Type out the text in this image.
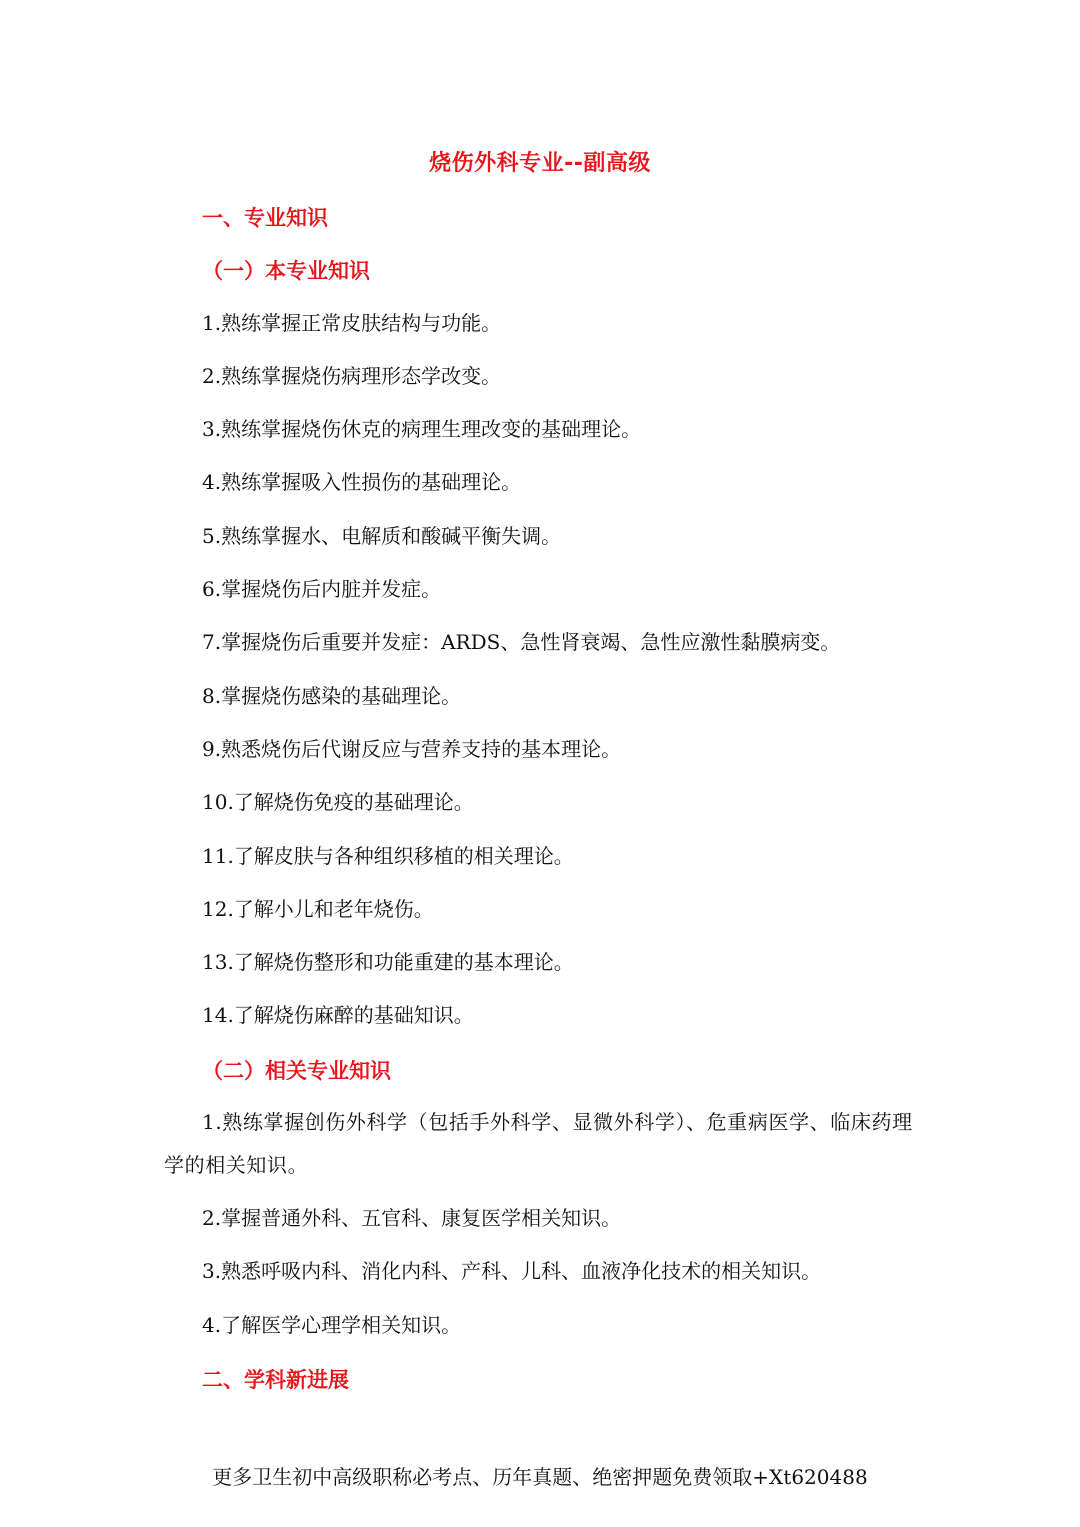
烧伤外科专业--副高级
一、专业知识
（一）本专业知识
1.熟练掌握正常皮肤结构与功能。
2.熟练掌握烧伤病理形态学改变。
3.熟练掌握烧伤休克的病理生理改变的基础理论。
4.熟练掌握吸入性损伤的基础理论。
5.熟练掌握水、电解质和酸碱平衡失调。
6.掌握烧伤后内脏并发症。
7.掌握烧伤后重要并发症：ARDS、急性肾衰竭、急性应激性黏膜病变。
8.掌握烧伤感染的基础理论。
9.熟悉烧伤后代谢反应与营养支持的基本理论。
10.了解烧伤免疫的基础理论。
11.了解皮肤与各种组织移植的相关理论。
12.了解小儿和老年烧伤。
13.了解烧伤整形和功能重建的基本理论。
14.了解烧伤麻醉的基础知识。
（二）相关专业知识
1.熟练掌握创伤外科学（包括手外科学、显微外科学）、危重病医学、临床药理学的相关知识。
2.掌握普通外科、五官科、康复医学相关知识。
3.熟悉呼吸内科、消化内科、产科、儿科、血液净化技术的相关知识。
4.了解医学心理学相关知识。
二、学科新进展
更多卫生初中高级职称必考点、历年真题、绝密押题免费领取+Xt620488
